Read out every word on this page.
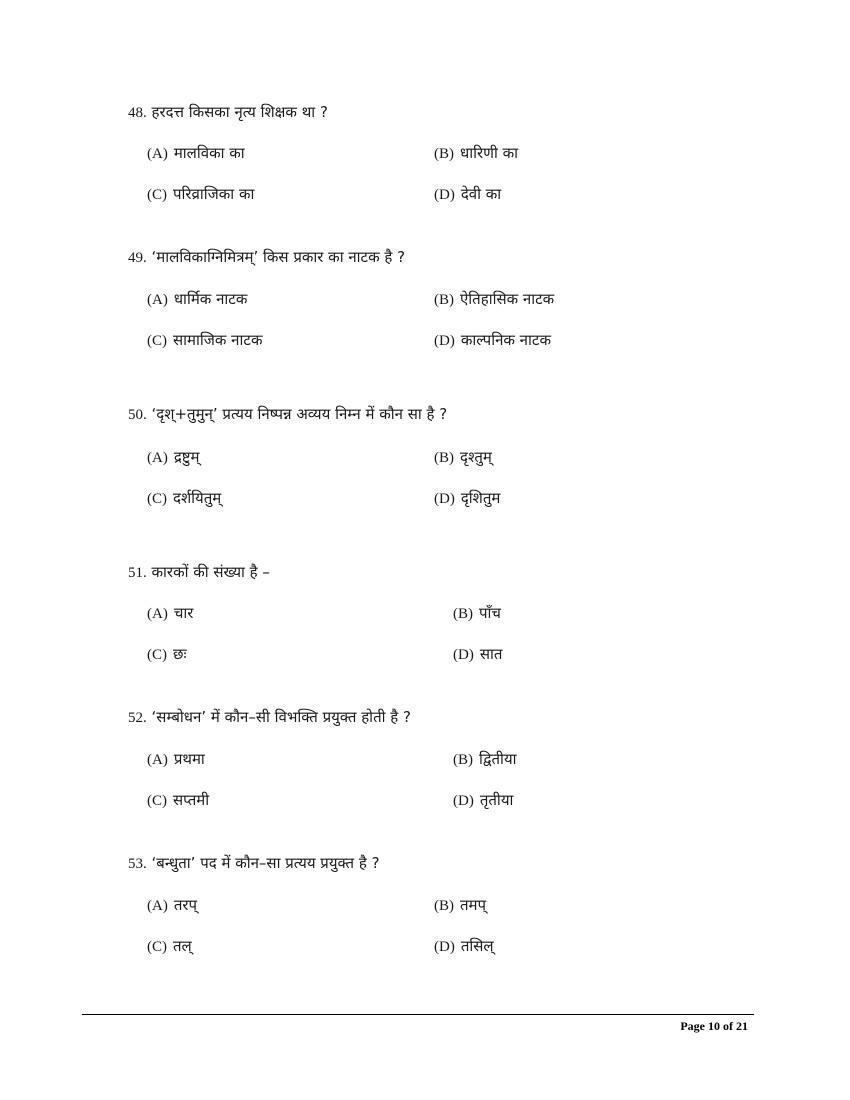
48. हरदत्त किसका नृत्य शिक्षक था ?
(A) मालविका का	(B) धारिणी का
(C) परिव्राजिका का	(D) देवी का
49. ‘मालविकाग्निमित्रम्’ किस प्रकार का नाटक है ?
(A) धार्मिक नाटक	(B) ऐतिहासिक नाटक
(C) सामाजिक नाटक	(D) काल्पनिक नाटक
50. ‘दृश्+तुमुन्’ प्रत्यय निष्पन्न अव्यय निम्न में कौन सा है ?
(A) द्रष्टुम्	(B) दृश्तुम्
(C) दर्शयितुम्	(D) दृशितुम
51. कारकों की संख्या है –
(A) चार	(B) पाँच
(C) छः	(D) सात
52. ‘सम्बोधन’ में कौन–सी विभक्ति प्रयुक्त होती है ?
(A) प्रथमा	(B) द्वितीया
(C) सप्तमी	(D) तृतीया
53. ‘बन्धुता’ पद में कौन–सा प्रत्यय प्रयुक्त है ?
(A) तरप्	(B) तमप्
(C) तल्	(D) तसिल्
Page 10 of 21
